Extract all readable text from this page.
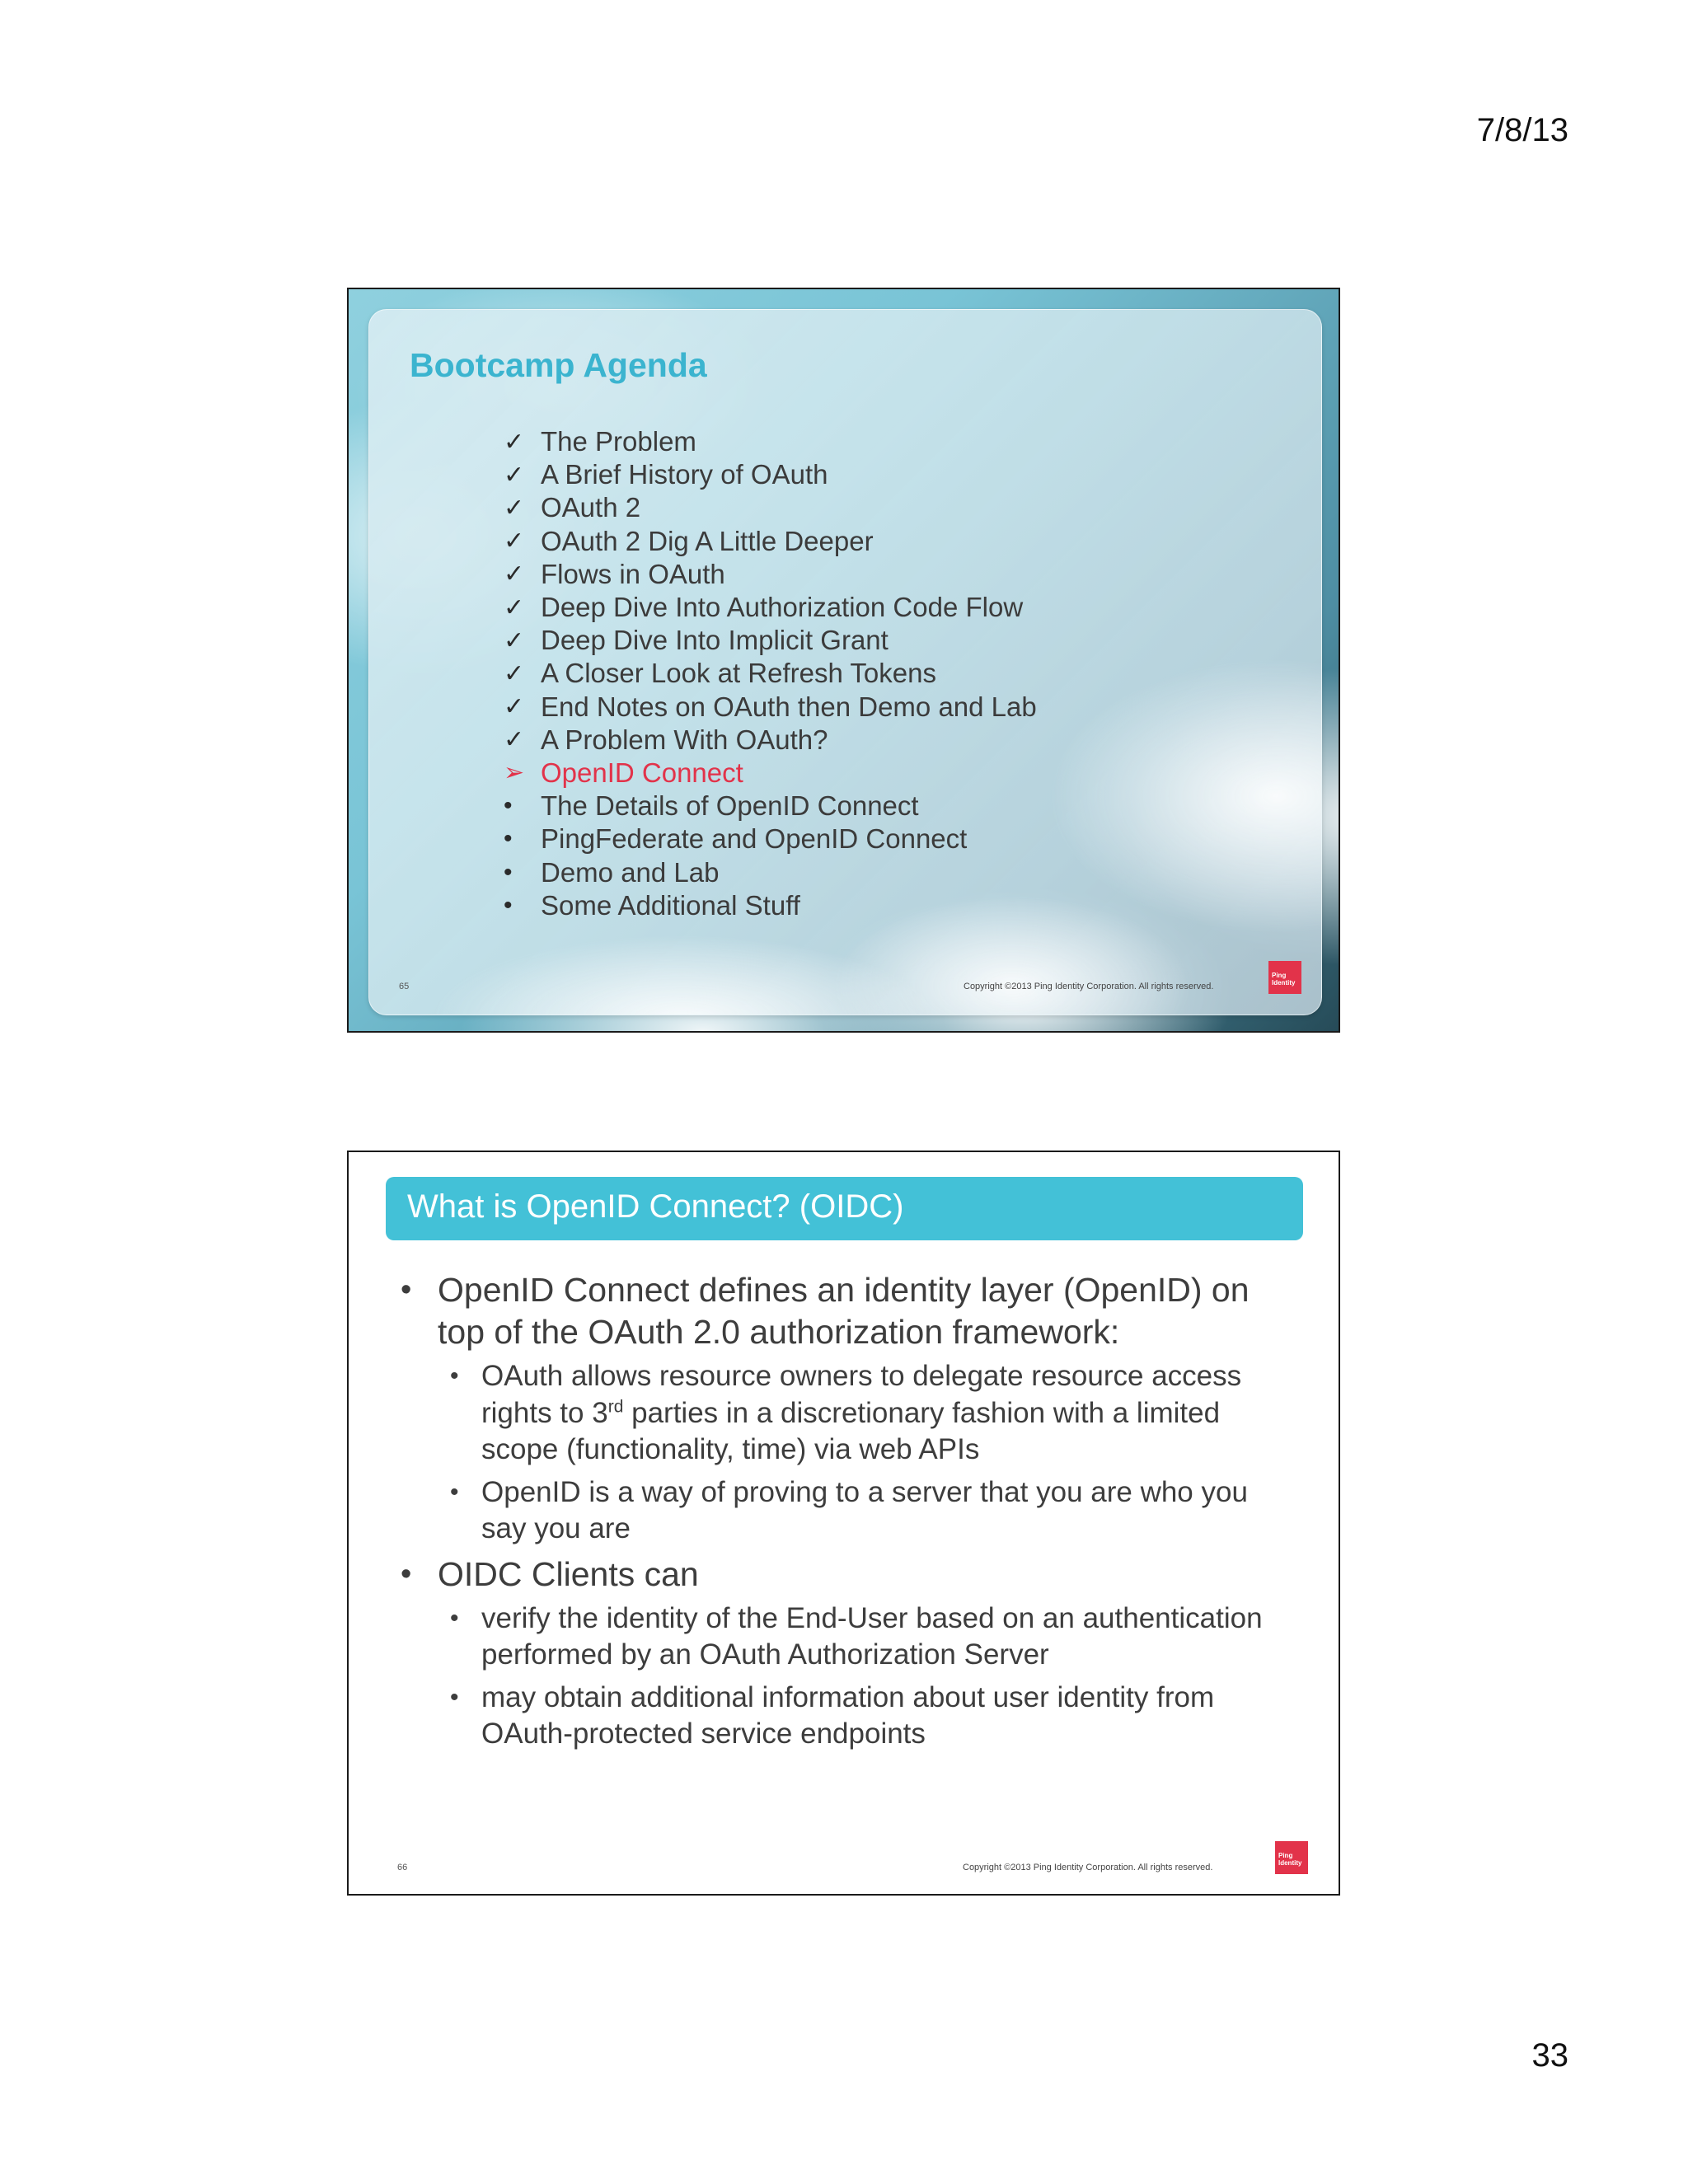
7/8/13
Bootcamp Agenda
✓ The Problem
✓ A Brief History of OAuth
✓ OAuth 2
✓ OAuth 2 Dig A Little Deeper
✓ Flows in OAuth
✓ Deep Dive Into Authorization Code Flow
✓ Deep Dive Into Implicit Grant
✓ A Closer Look at Refresh Tokens
✓ End Notes on OAuth then Demo and Lab
✓ A Problem With OAuth?
➢ OpenID Connect
•	The Details of OpenID Connect
•	PingFederate and OpenID Connect
•	Demo and Lab
•	Some Additional Stuff
65	Copyright ©2013 Ping Identity Corporation. All rights reserved.
Ping
Identity
What is OpenID Connect? (OIDC)
• OpenID Connect defines an identity layer (OpenID) on top of the OAuth 2.0 authorization framework:
• OAuth allows resource owners to delegate resource access rights to 3rd parties in a discretionary fashion with a limited scope (functionality, time) via web APIs
• OpenID is a way of proving to a server that you are who you say you are
• OIDC Clients can
• verify the identity of the End-User based on an authentication performed by an OAuth Authorization Server
• may obtain additional information about user identity from OAuth-protected service endpoints
66	Copyright ©2013 Ping Identity Corporation. All rights reserved.
Ping
Identity
33
